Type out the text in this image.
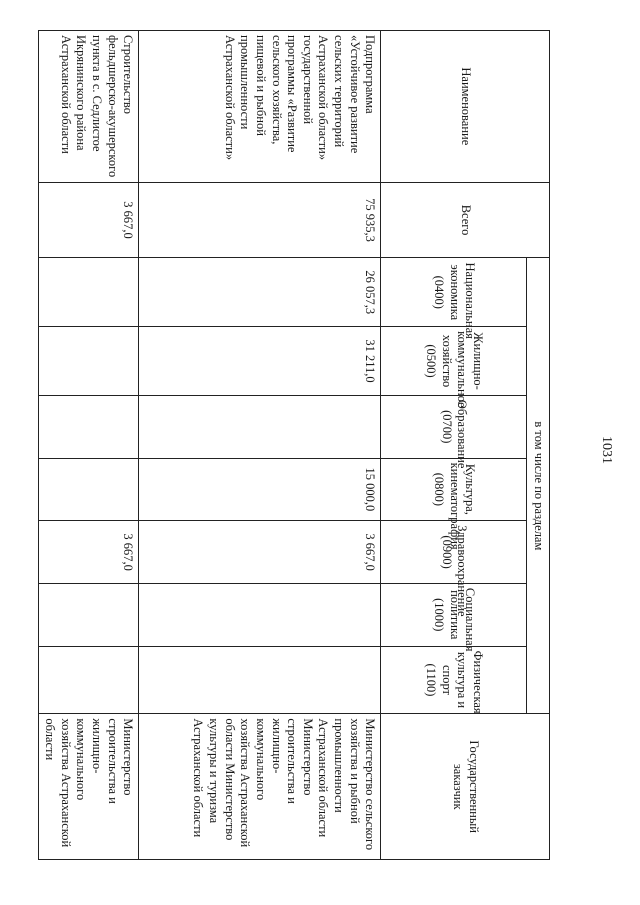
1031
Наименование	Всего	в том числе по разделам							Государственный заказчик
		Национальная экономика (0400)	Жилищно-коммунальное хозяйство (0500)	Образование (0700)	Культура, кинематография (0800)	Здравоохранение (0900)	Социальная политика (1000)	Физическая культура и спорт (1100)	
Подпрограмма «Устойчивое развитие сельских территорий Астраханской области» государственной программы «Развитие сельского хозяйства, пищевой и рыбной промышленности Астраханской области»	75 935,3	26 057,3	31 211,0		15 000,0	3 667,0			Министерство сельского хозяйства и рыбной промышленности Астраханской области Министерство строительства и жилищно-коммунального хозяйства Астраханской области Министерство культуры и туризма Астраханской области
Строительство фельдшерско-акушерского пункта в с. Седлистое Икрянинского района Астраханской области	3 667,0					3 667,0			Министерство строительства и жилищно-коммунального хозяйства Астраханской области
